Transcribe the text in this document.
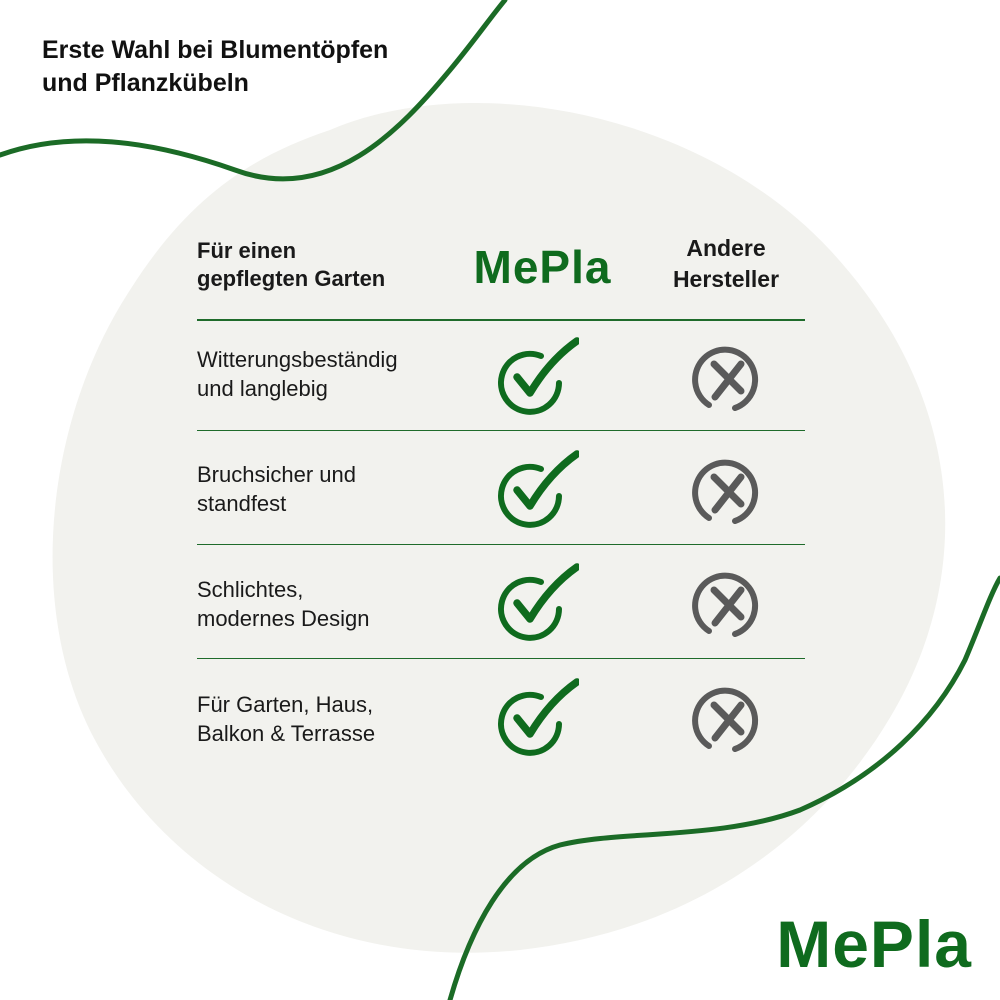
Erste Wahl bei Blumentöpfen
und Pflanzkübeln
Für einen
gepflegten Garten	MePla	Andere
Hersteller
Witterungsbeständig
und langlebig
Bruchsicher und
standfest
Schlichtes,
modernes Design
Für Garten, Haus,
Balkon & Terrasse
MePla
